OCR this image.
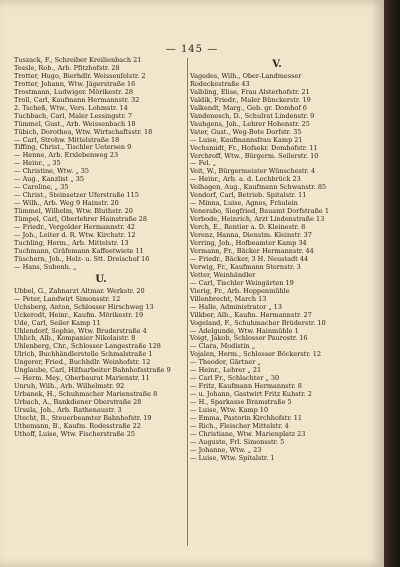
— 145 —
Tuszack, F., Schreiber Kreilienbach 21
Tessle, Rob., Arb. Pfitzhofstr. 28
Trotter, Hugo, Bierhdlr. Weissenfelstr. 2
Trotter, Johann, Wtw. Jägerstraße 16
Trostmann, Ludwiger. Mörikestr. 28
Troll, Carl, Kaufmann Hermannstr. 32
2. Tscheß, Wtw., Vers. Lohmstr. 14
Tuchbach, Carl, Maler Lessingstr. 7
Tümmel, Gust., Arb. Weissenbach 18
Tübich, Dorothea, Wtw. Wirtschaftsstr. 18
— Carl, Strohw. Mittelstraße 18
Tiffing, Christ., Tischler Uetersen 9
— Henne, Arb. Erxlebenweg 23
— Heinr., „ 35
— Christine, Wtw. „ 35
— Aug., Kanzlist „ 35
— Caroline, „ 35
— Christ., Steinsetzer Uferstraße 115
— Wilh., Arb. Weg 9 Hainstr. 20
Tümmel, Wilhelm, Wtw. Bluthstr. 20
Tümpel, Carl, Oberlehrer Hainstraße 28
— Friedr., Vergolder Hermannstr. 42
— Joh., Leiter d. R. Wtw. Kirchstr. 12
Tuchling, Herm., Arb. Mittelstr. 13
Tuchmann, Gräfemann Kaffeetwiete 11
Tüschern, Joh., Holz- u. Stt. Dreischof 16
— Hans, Subenh. „
U.
Ubbel, G., Zahnarzt Altmar. Werkstr. 20
— Peter, Landwirt Simonsstr. 12
Uchsberg, Anton, Schlosser Hirschweg 13
Uckerodt, Heinr., Kaufm. Mörikestr. 19
Ude, Carl, Seiler Kamp 11
Uhlendorf, Sophie, Wtw. Bruderstraße 4
Uhlich, Alb., Kompanier Nikolaistr. 8
Uhlenberg, Chr., Schlosser Langestraße 128
Ulrich, Buchhändlerstelle Schmalstraße 1
Ungerer, Fried., Buchhdlr. Weinhofstr. 12
Unglaube, Carl, Hilfsarbeiter Bahnhofsstraße 9
— Herm. Mey., Oberbaurat Marienstr. 11
Unruh, Wilh., Arb. Wilhelmstr. 92
Urbanek, H., Schuhmacher Marienstraße 8
Urbach, A., Bankdiener Oberstraße 28
Ursula, Joh., Arb. Rathenaustr. 3
Utecht, B., Steuerbeamter Bahnhofstr. 19
Uthemann, B., Kaufm. Rodesstraße 22
Uthoff, Luise, Wtw. Fischerstraße 25
V.
Vagedes, Wilh., Ober-Landmesser
Rodeckestraße 43
Valbling, Elise, Frau Alsterhofstr. 21
Valdik, Friedr., Maler Bünckerstr. 19
Valkendt, Marg., Geb. gr. Domhof 6
Vandenesch, D., Schulrat Lindenstr. 9
Vauhgens, Joh., Lehrer Hohenstr. 25
Vater, Gust., Weg-Bote Dorfstr. 35
— Luise, Kaufmannsfrau Kamp 21
Vechsmidt, Fr., Hofsekr. Domhofstr. 11
Verchroff, Wtw., Bürgerm. Seilerstr. 10
— Fel. „
Veit, W., Bürgermeister Wünschestr. 4
— Heinr., Arb. a. d. Lochbrück 23
Velhagen, Aug., Kaufmann Schwanstr. 85
Vendorf, Carl, Betrieb. Spitalstr. 11
— Minna, Luise, Agnes, Fräulein
Venerabo, Siegfried, Bauamt Dorfstraße 1
Verbode, Heinrich, Ärzt Lindenstraße 13
Verch, E., Rentier a. D. Kleinestr. 8
Verenz, Hanna, Dienstm. Kleinstr. 37
Verring, Joh., Hofbeamter Kamp 34
Vermann, Fr., Bäcker Hermannstr. 44
— Friedr., Bäcker, 3 H. Neustadt 44
Verwig, Fr., Kaufmann Sternstr. 3
Vetter, Weinhändler
— Carl, Tischler Weingärten 19
Vierig, Fr., Arb. Hoppenmühle
Villenbrecht, March 13
— Halle, Administrator „ 13
Vilkber, Alb., Kaufm. Hermannstr. 27
Vogeland, F., Schuhmacher Brüderstr. 10
— Adelgunde, Wtw. Hainmühle 1
Voigt, Jakob, Schlosser Paurostr. 16
— Clara, Modistin „
Vojalen, Herm., Schlosser Böckerstr. 12
— Theodor, Gärtner „
— Heinr., Lehrer „ 21
— Carl Fr., Schlachter „ 30
— Fritz, Kaufmann Hermannstr. 8
— u. Johann, Gastwirt Fritz Kuhstr. 2
— H., Sparkasse Bramstraße 5
— Luise, Wtw. Kamp 10
— Emma, Pastorin Kirchhofstr. 11
— Rich., Fleischer Mittelstr. 4
— Christiane, Wtw. Marienplatz 23
— Auguste, Frl. Simonsstr. 5
— Johanne, Wtw. „ 23
— Luise, Wtw. Spitalstr. 1
